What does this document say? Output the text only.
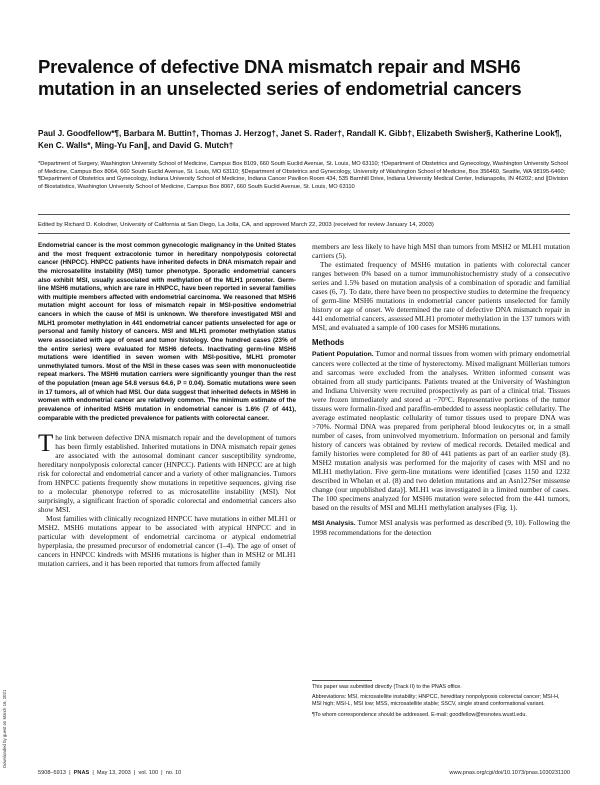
Prevalence of defective DNA mismatch repair and MSH6 mutation in an unselected series of endometrial cancers
Paul J. Goodfellow*¶, Barbara M. Buttin†, Thomas J. Herzog†, Janet S. Rader†, Randall K. Gibb†, Elizabeth Swisher§, Katherine Look¶, Ken C. Walls*, Ming-Yu Fan∥, and David G. Mutch†
*Department of Surgery, Washington University School of Medicine, Campus Box 8109, 660 South Euclid Avenue, St. Louis, MO 63110; †Department of Obstetrics and Gynecology, Washington University School of Medicine, Campus Box 8064, 660 South Euclid Avenue, St. Louis, MO 63110; §Department of Obstetrics and Gynecology, University of Washington School of Medicine, Box 356460, Seattle, WA 98195-6460; ¶Department of Obstetrics and Gynecology, Indiana University School of Medicine, Indiana Cancer Pavilion Room 434, 535 Barnhill Drive, Indiana University Medical Center, Indianapolis, IN 46202; and ∥Division of Biostatistics, Washington University School of Medicine, Campus Box 8067, 660 South Euclid Avenue, St. Louis, MO 63110
Edited by Richard D. Kolodner, University of California at San Diego, La Jolla, CA, and approved March 22, 2003 (received for review January 14, 2003)
Endometrial cancer is the most common gynecologic malignancy in the United States and the most frequent extracolonic tumor in hereditary nonpolyposis colorectal cancer (HNPCC). HNPCC patients have inherited defects in DNA mismatch repair and the microsatellite instability (MSI) tumor phenotype. Sporadic endometrial cancers also exhibit MSI, usually associated with methylation of the MLH1 promoter. Germ-line MSH6 mutations, which are rare in HNPCC, have been reported in several families with multiple members affected with endometrial carcinoma. We reasoned that MSH6 mutation might account for loss of mismatch repair in MSI-positive endometrial cancers in which the cause of MSI is unknown. We therefore investigated MSI and MLH1 promoter methylation in 441 endometrial cancer patients unselected for age or personal and family history of cancers. MSI and MLH1 promoter methylation status were associated with age of onset and tumor histology. One hundred cases (23% of the entire series) were evaluated for MSH6 defects. Inactivating germ-line MSH6 mutations were identified in seven women with MSI-positive, MLH1 promoter unmethylated tumors. Most of the MSI in these cases was seen with mononucleotide repeat markers. The MSH6 mutation carriers were significantly younger than the rest of the population (mean age 54.8 versus 64.6, P = 0.04). Somatic mutations were seen in 17 tumors, all of which had MSI. Our data suggest that inherited defects in MSH6 in women with endometrial cancer are relatively common. The minimum estimate of the prevalence of inherited MSH6 mutation in endometrial cancer is 1.6% (7 of 441), comparable with the predicted prevalence for patients with colorectal cancer.

The link between defective DNA mismatch repair and the development of tumors has been firmly established. Inherited mutations in DNA mismatch repair genes are associated with the autosomal dominant cancer susceptibility syndrome, hereditary nonpolyposis colorectal cancer (HNPCC). Patients with HNPCC are at high risk for colorectal and endometrial cancer and a variety of other malignancies. Tumors from HNPCC patients frequently show mutations in repetitive sequences, giving rise to a molecular phenotype referred to as microsatellite instability (MSI). Not surprisingly, a significant fraction of sporadic colorectal and endometrial cancers also show MSI.

Most families with clinically recognized HNPCC have mutations in either MLH1 or MSH2. MSH6 mutations appear to be associated with atypical HNPCC and in particular with development of endometrial carcinoma or atypical endometrial hyperplasia, the presumed precursor of endometrial cancer (1–4). The age of onset of cancers in HNPCC kindreds with MSH6 mutations is higher than in MSH2 or MLH1 mutation carriers, and it has been reported that tumors from affected family

members are less likely to have high MSI than tumors from MSH2 or MLH1 mutation carriers (5).

The estimated frequency of MSH6 mutation in patients with colorectal cancer ranges between 0% based on a tumor immunohistochemistry study of a consecutive series and 1.5% based on mutation analysis of a combination of sporadic and familial cases (6, 7). To date, there have been no prospective studies to determine the frequency of germ-line MSH6 mutations in endometrial cancer patients unselected for family history or age of onset. We determined the rate of defective DNA mismatch repair in 441 endometrial cancers, assessed MLH1 promoter methylation in the 137 tumors with MSI, and evaluated a sample of 100 cases for MSH6 mutations.

Methods

Patient Population. Tumor and normal tissues from women with primary endometrial cancers were collected at the time of hysterectomy. Mixed malignant Müllerian tumors and sarcomas were excluded from the analyses. Written informed consent was obtained from all study participants. Patients treated at the University of Washington and Indiana University were recruited prospectively as part of a clinical trial. Tissues were frozen immediately and stored at −70°C. Representative portions of the tumor tissues were formalin-fixed and paraffin-embedded to assess neoplastic cellularity. The average estimated neoplastic cellularity of tumor tissues used to prepare DNA was >70%. Normal DNA was prepared from peripheral blood leukocytes or, in a small number of cases, from uninvolved myometrium. Information on personal and family history of cancers was obtained by review of medical records. Detailed medical and family histories were completed for 80 of 441 patients as part of an earlier study (8). MSH2 mutation analysis was performed for the majority of cases with MSI and no MLH1 methylation. Five germ-line mutations were identified [cases 1150 and 1232 described in Whelan et al. (8) and two deletion mutations and an Asn127Ser missense change (our unpublished data)]. MLH1 was investigated in a limited number of cases. The 100 specimens analyzed for MSH6 mutation were selected from the 441 tumors, based on the results of MSI and MLH1 methylation analyses (Fig. 1).

MSI Analysis. Tumor MSI analysis was performed as described (9, 10). Following the 1998 recommendations for the detection

This paper was submitted directly (Track II) to the PNAS office.

Abbreviations: MSI, microsatellite instability; HNPCC, hereditary nonpolyposis colorectal cancer; MSI-H, MSI high; MSI-L, MSI low; MSS, microsatellite stable; SSCV, single strand conformational variant.

¶To whom correspondence should be addressed. E-mail: goodfellow@msnotes.wustl.edu.

5908–5913  |  PNAS  |  May 13, 2003  |  vol. 100  |  no. 10	www.pnas.org/cgi/doi/10.1073/pnas.1030231100
Downloaded by guest on March 16, 2021
